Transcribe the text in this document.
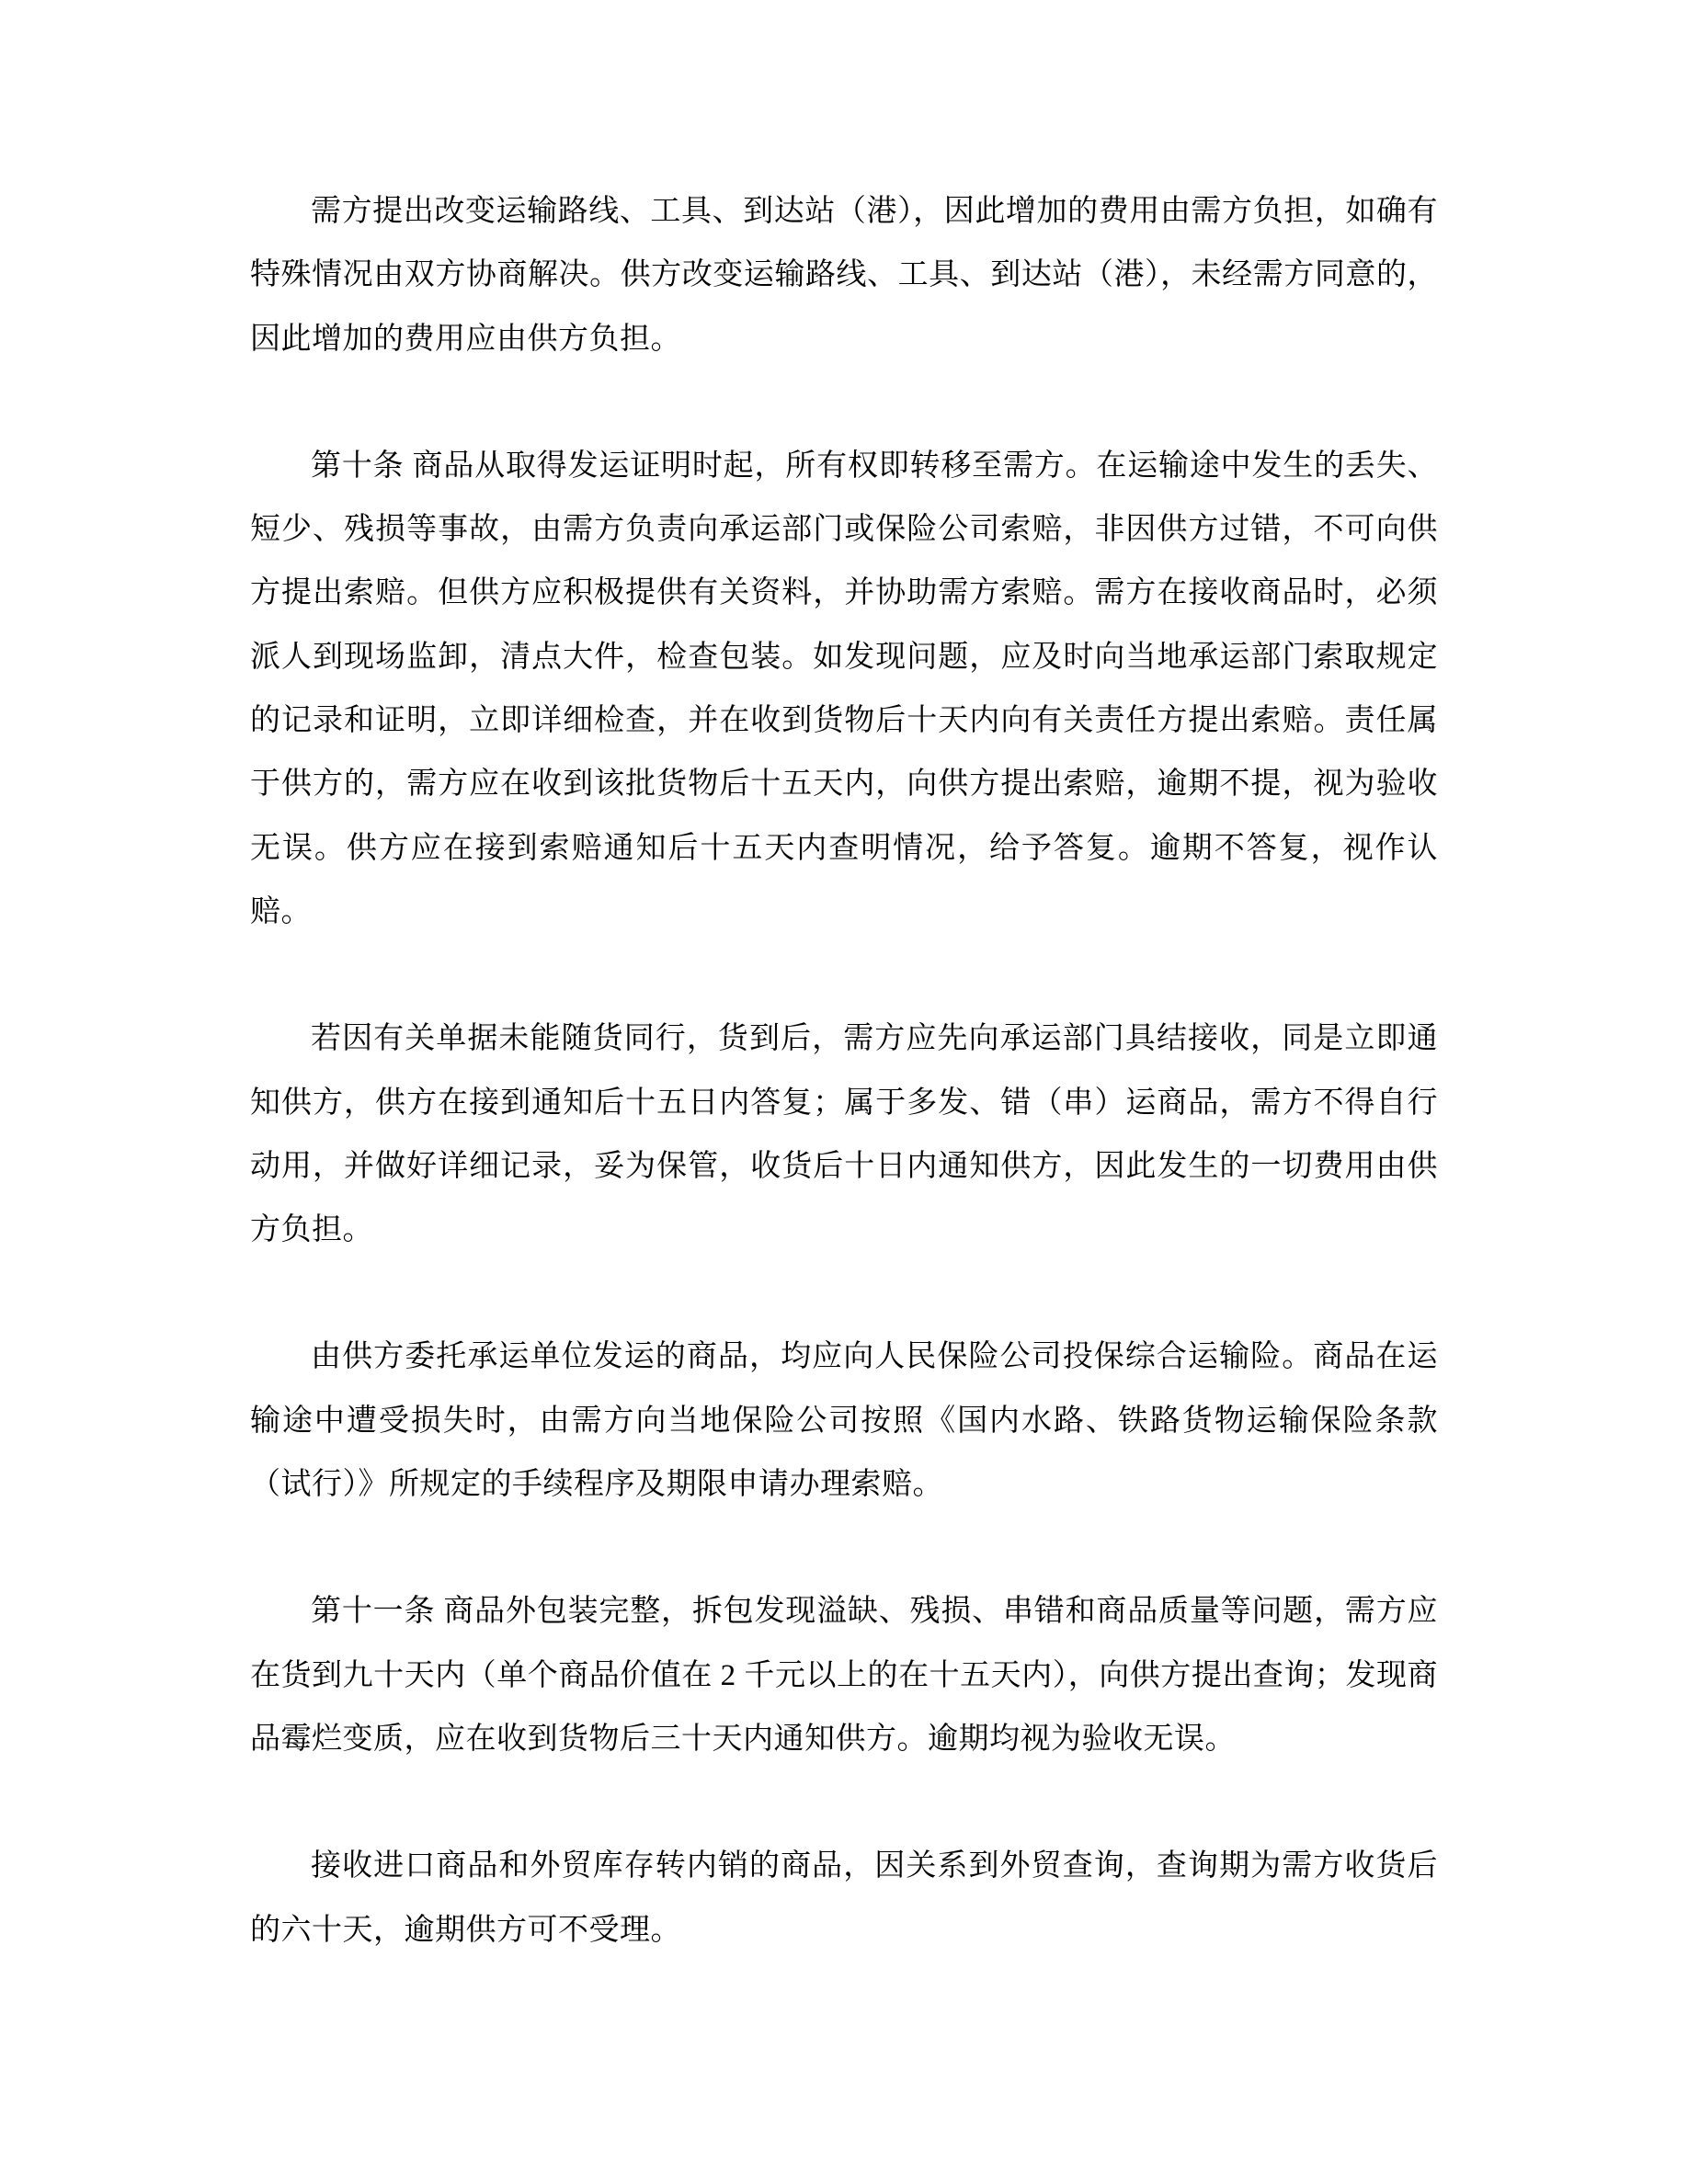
需方提出改变运输路线、工具、到达站（港），因此增加的费用由需方负担，如确有特殊情况由双方协商解决。供方改变运输路线、工具、到达站（港），未经需方同意的，因此增加的费用应由供方负担。

第十条 商品从取得发运证明时起，所有权即转移至需方。在运输途中发生的丢失、短少、残损等事故，由需方负责向承运部门或保险公司索赔，非因供方过错，不可向供方提出索赔。但供方应积极提供有关资料，并协助需方索赔。需方在接收商品时，必须派人到现场监卸，清点大件，检查包装。如发现问题，应及时向当地承运部门索取规定的记录和证明，立即详细检查，并在收到货物后十天内向有关责任方提出索赔。责任属于供方的，需方应在收到该批货物后十五天内，向供方提出索赔，逾期不提，视为验收无误。供方应在接到索赔通知后十五天内查明情况，给予答复。逾期不答复，视作认赔。

若因有关单据未能随货同行，货到后，需方应先向承运部门具结接收，同是立即通知供方，供方在接到通知后十五日内答复；属于多发、错（串）运商品，需方不得自行动用，并做好详细记录，妥为保管，收货后十日内通知供方，因此发生的一切费用由供方负担。

由供方委托承运单位发运的商品，均应向人民保险公司投保综合运输险。商品在运输途中遭受损失时，由需方向当地保险公司按照《国内水路、铁路货物运输保险条款（试行）》所规定的手续程序及期限申请办理索赔。

第十一条 商品外包装完整，拆包发现溢缺、残损、串错和商品质量等问题，需方应在货到九十天内（单个商品价值在 2 千元以上的在十五天内），向供方提出查询；发现商品霉烂变质，应在收到货物后三十天内通知供方。逾期均视为验收无误。

接收进口商品和外贸库存转内销的商品，因关系到外贸查询，查询期为需方收货后的六十天，逾期供方可不受理。
